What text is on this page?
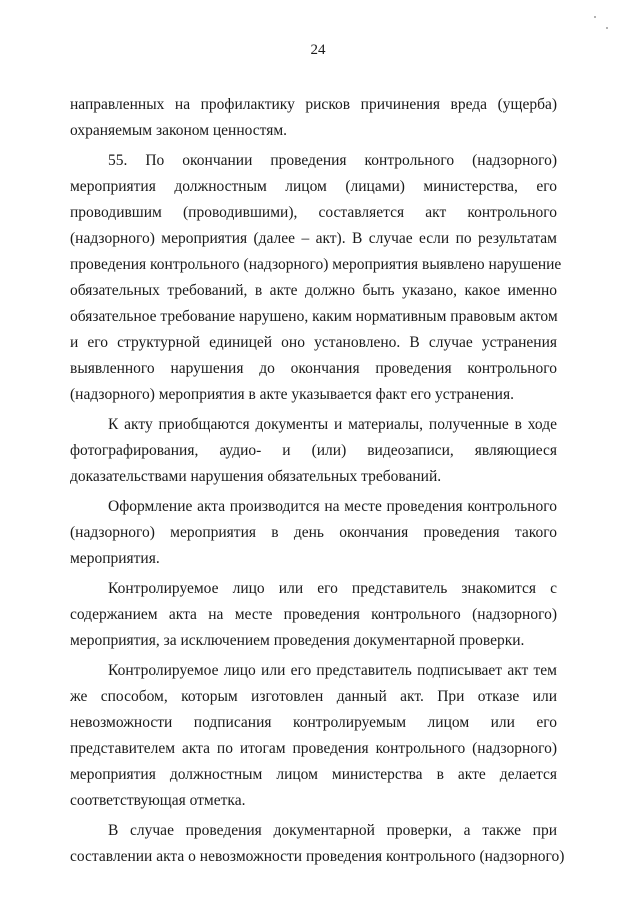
24
направленных на профилактику рисков причинения вреда (ущерба)
охраняемым законом ценностям.
55. По окончании проведения контрольного (надзорного)
мероприятия должностным лицом (лицами) министерства, его
проводившим (проводившими), составляется акт контрольного
(надзорного) мероприятия (далее – акт). В случае если по результатам
проведения контрольного (надзорного) мероприятия выявлено нарушение
обязательных требований, в акте должно быть указано, какое именно
обязательное требование нарушено, каким нормативным правовым актом
и его структурной единицей оно установлено. В случае устранения
выявленного нарушения до окончания проведения контрольного
(надзорного) мероприятия в акте указывается факт его устранения.
К акту приобщаются документы и материалы, полученные в ходе
фотографирования, аудио- и (или) видеозаписи, являющиеся
доказательствами нарушения обязательных требований.
Оформление акта производится на месте проведения контрольного
(надзорного) мероприятия в день окончания проведения такого
мероприятия.
Контролируемое лицо или его представитель знакомится с
содержанием акта на месте проведения контрольного (надзорного)
мероприятия, за исключением проведения документарной проверки.
Контролируемое лицо или его представитель подписывает акт тем
же способом, которым изготовлен данный акт. При отказе или
невозможности подписания контролируемым лицом или его
представителем акта по итогам проведения контрольного (надзорного)
мероприятия должностным лицом министерства в акте делается
соответствующая отметка.
В случае проведения документарной проверки, а также при
составлении акта о невозможности проведения контрольного (надзорного)
